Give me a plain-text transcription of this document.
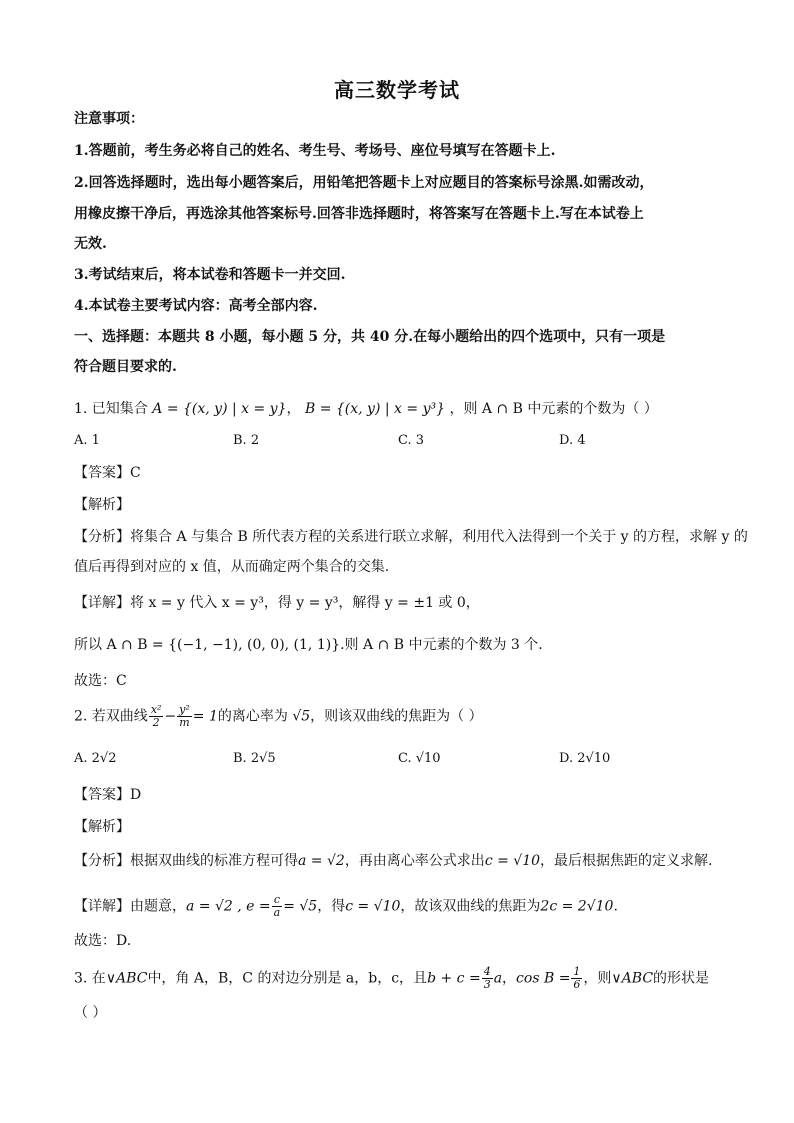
高三数学考试
注意事项：
1.答题前，考生务必将自己的姓名、考生号、考场号、座位号填写在答题卡上.
2.回答选择题时，选出每小题答案后，用铅笔把答题卡上对应题目的答案标号涂黑.如需改动，
用橡皮擦干净后，再选涂其他答案标号.回答非选择题时，将答案写在答题卡上.写在本试卷上
无效.
3.考试结束后，将本试卷和答题卡一并交回.
4.本试卷主要考试内容：高考全部内容.
一、选择题：本题共 8 小题，每小题 5 分，共 40 分.在每小题给出的四个选项中，只有一项是
符合题目要求的.
1. 已知集合 A = {(x, y) | x = y}， B = {(x, y) | x = y³} ，则 A ∩ B 中元素的个数为（ ）
A. 1	B. 2	C. 3	D. 4
【答案】C
【解析】
【分析】将集合 A 与集合 B 所代表方程的关系进行联立求解，利用代入法得到一个关于 y 的方程，求解 y 的
值后再得到对应的 x 值，从而确定两个集合的交集.
【详解】将 x = y 代入 x = y³，得 y = y³，解得 y = ±1 或 0，
所以 A ∩ B = {(−1, −1), (0, 0), (1, 1)}.则 A ∩ B 中元素的个数为 3 个.
故选：C
2. 若双曲线 $\frac{\text{x²}}{2} - \frac{\text{y²}}{m} = 1$的离心率为 √5，则该双曲线的焦距为（ ）
A. 2√2	B. 2√5	C. √10	D. 2√10
【答案】D
【解析】
【分析】根据双曲线的标准方程可得a = √2，再由离心率公式求出c = √10，最后根据焦距的定义求解.
【详解】由题意，a = √2 , $e = \frac{c}{a} = √5$，得c = √10，故该双曲线的焦距为2c = 2√10.
故选：D.
3. 在∨ABC中，角 A，B，C 的对边分别是 a，b，c，且$b + c = \frac{4}{3}$ a，$\cos B = \frac{1}{6}$ ，则∨ABC的形状是
（ ）
